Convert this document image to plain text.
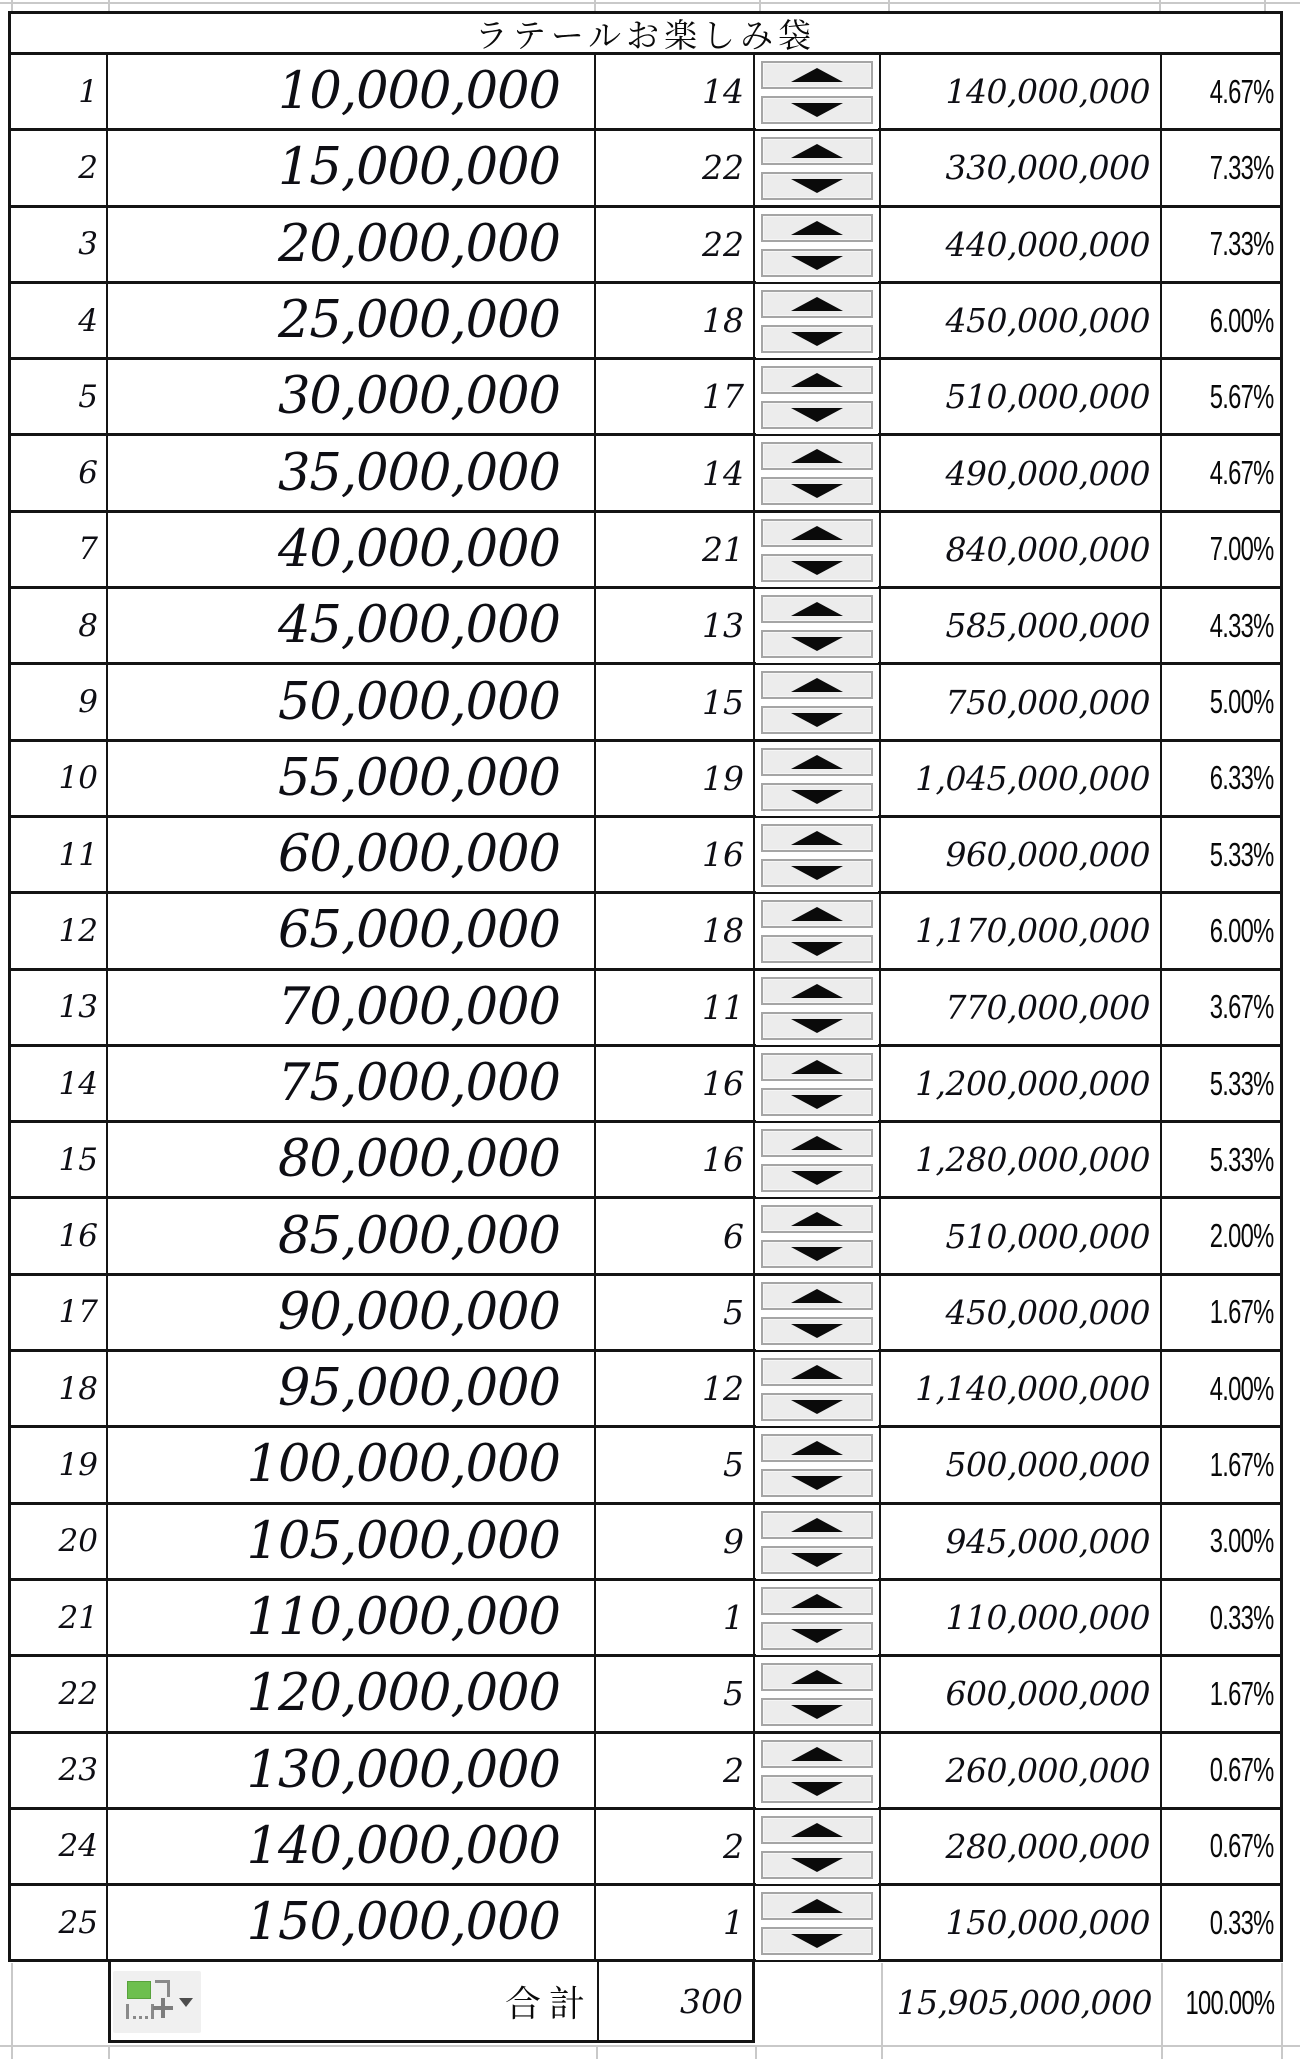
ラテールお楽しみ袋
1	10,000,000	14	140,000,000 4.67%
2	15,000,000	22	330,000,000 7.33%
3	20,000,000	22	440,000,000 7.33%
4	25,000,000	18	450,000,000 6.00%
5	30,000,000	17	510,000,000 5.67%
6	35,000,000	14	490,000,000 4.67%
7	40,000,000	21	840,000,000 7.00%
8	45,000,000	13	585,000,000 4.33%
9	50,000,000	15	750,000,000 5.00%
10	55,000,000	19	1,045,000,000 6.33%
11	60,000,000	16	960,000,000 5.33%
12	65,000,000	18	1,170,000,000 6.00%
13	70,000,000	11	770,000,000 3.67%
14	75,000,000	16	1,200,000,000 5.33%
15	80,000,000	16	1,280,000,000 5.33%
16	85,000,000	6	510,000,000 2.00%
17	90,000,000	5	450,000,000 1.67%
18	95,000,000	12	1,140,000,000 4.00%
19	100,000,000	5	500,000,000 1.67%
20	105,000,000	9	945,000,000 3.00%
21	110,000,000	1	110,000,000 0.33%
22	120,000,000	5	600,000,000 1.67%
23	130,000,000	2	260,000,000 0.67%
24	140,000,000	2	280,000,000 0.67%
25	150,000,000	1	150,000,000 0.33%
合計	300	15,905,000,000 100.00%
